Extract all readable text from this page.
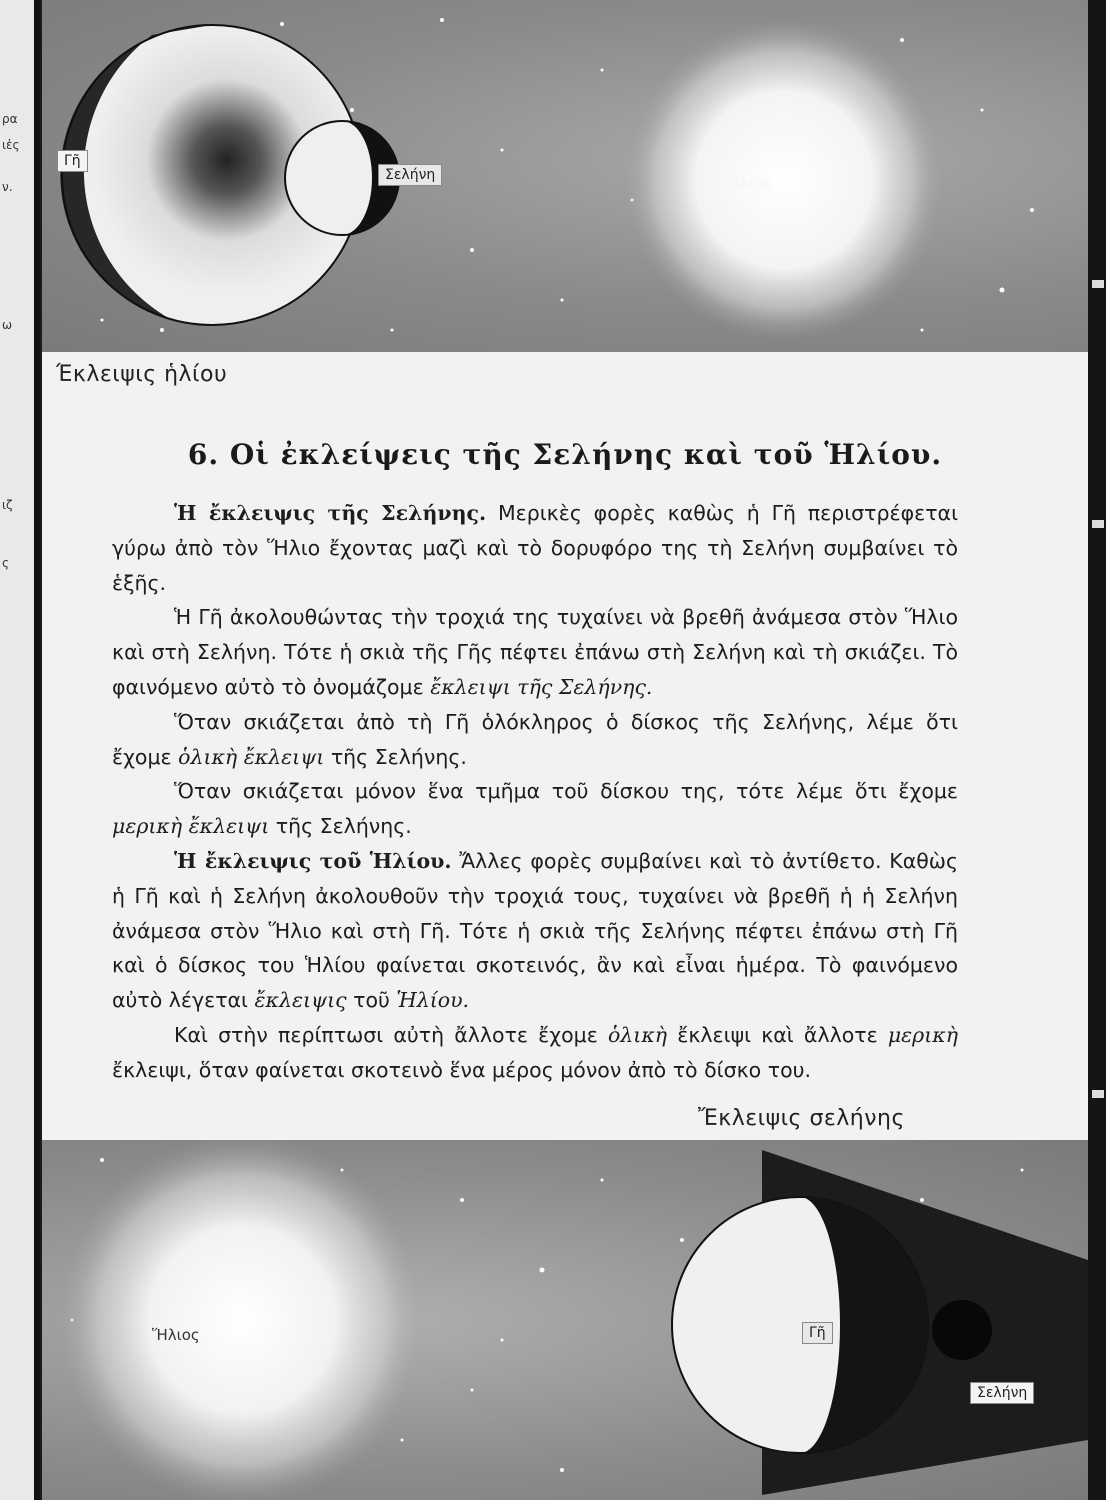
ρα
ιἐς
ν.
ω
ιζ
ς
Γῆ
Σελήνη	Ἥλιος
Έκλειψις ἡλίου
6. Οἱ ἐκλείψεις τῆς Σελήνης καὶ τοῦ Ἡλίου.

Ἡ ἔκλειψις τῆς Σελήνης. Μερικὲς φορὲς καθὼς ἡ Γῆ περιστρέφεται γύρω ἀπὸ τὸν Ἥλιο ἔχοντας μαζὶ καὶ τὸ δορυφόρο της τὴ Σελήνη συμβαίνει τὸ ἑξῆς.

Ἡ Γῆ ἀκολουθώντας τὴν τροχιά της τυχαίνει νὰ βρεθῆ ἀνάμεσα στὸν Ἥλιο καὶ στὴ Σελήνη. Τότε ἡ σκιὰ τῆς Γῆς πέφτει ἐπάνω στὴ Σελήνη καὶ τὴ σκιάζει. Τὸ φαινόμενο αὐτὸ τὸ ὀνομάζομε ἔκλειψι τῆς Σελήνης.

Ὅταν σκιάζεται ἀπὸ τὴ Γῆ ὁλόκληρος ὁ δίσκος τῆς Σελήνης, λέμε ὅτι ἔχομε ὁλικὴ ἔκλειψι τῆς Σελήνης.

Ὅταν σκιάζεται μόνον ἕνα τμῆμα τοῦ δίσκου της, τότε λέμε ὅτι ἔχομε μερικὴ ἔκλειψι τῆς Σελήνης.

Ἡ ἔκλειψις τοῦ Ἡλίου. Ἄλλες φορὲς συμβαίνει καὶ τὸ ἀντίθετο. Καθὼς ἡ Γῆ καὶ ἡ Σελήνη ἀκολουθοῦν τὴν τροχιά τους, τυχαίνει νὰ βρεθῆ ἡ ἡ Σελήνη ἀνάμεσα στὸν Ἥλιο καὶ στὴ Γῆ. Τότε ἡ σκιὰ τῆς Σελήνης πέφτει ἐπάνω στὴ Γῆ καὶ ὁ δίσκος του Ἡλίου φαίνεται σκοτεινός, ἂν καὶ εἶναι ἡμέρα. Τὸ φαινόμενο αὐτὸ λέγεται ἔκλειψις τοῦ Ἡλίου.

Καὶ στὴν περίπτωσι αὐτὴ ἄλλοτε ἔχομε ὁλικὴ ἔκλειψι καὶ ἄλλοτε μερικὴ ἔκλειψι, ὅταν φαίνεται σκοτεινὸ ἕνα μέρος μόνον ἀπὸ τὸ δίσκο του.

Ἔκλειψις σελήνης
Ἥλιος	Γῆ
Σελήνη
